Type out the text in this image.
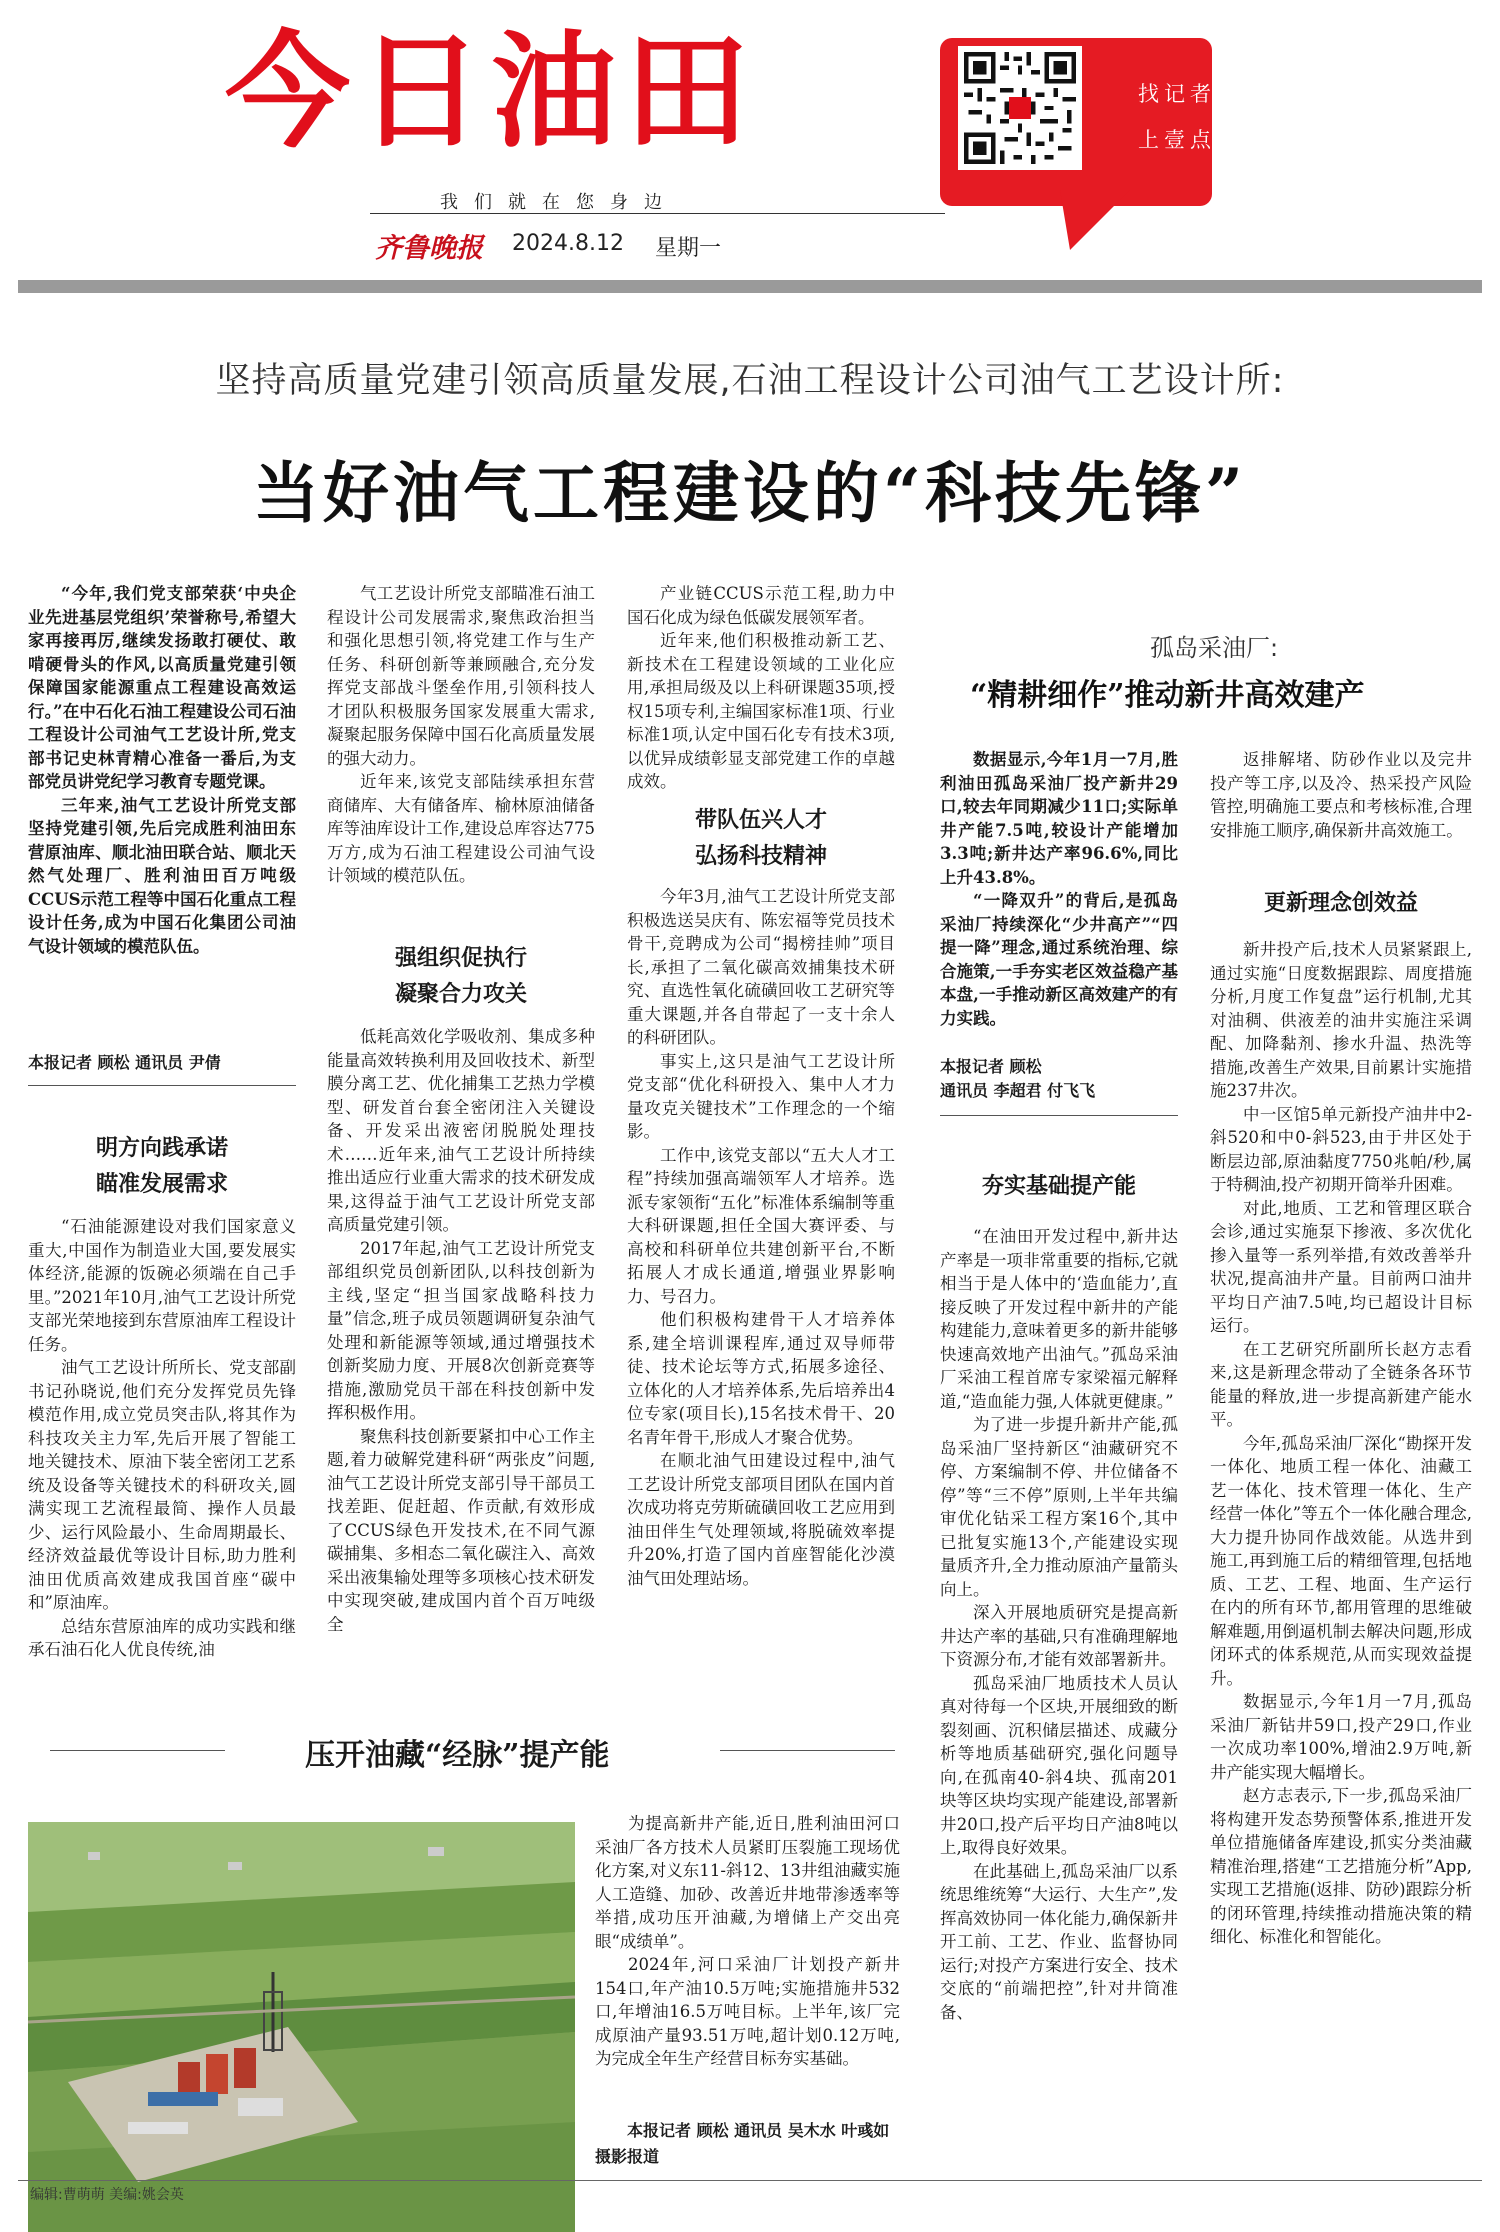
今日油田
我们就在您身边
齐鲁晚报 2024.8.12 星期一
找记者
上壹点
坚持高质量党建引领高质量发展,石油工程设计公司油气工艺设计所:
当好油气工程建设的“科技先锋”

“今年,我们党支部荣获‘中央企业先进基层党组织’荣誉称号,希望大家再接再厉,继续发扬敢打硬仗、敢啃硬骨头的作风,以高质量党建引领保障国家能源重点工程建设高效运行。”在中石化石油工程建设公司石油工程设计公司油气工艺设计所,党支部书记史林青精心准备一番后,为支部党员讲党纪学习教育专题党课。

三年来,油气工艺设计所党支部坚持党建引领,先后完成胜利油田东营原油库、顺北油田联合站、顺北天然气处理厂、胜利油田百万吨级CCUS示范工程等中国石化重点工程设计任务,成为中国石化集团公司油气设计领域的模范队伍。

本报记者 顾松 通讯员 尹倩
明方向践承诺
瞄准发展需求

“石油能源建设对我们国家意义重大,中国作为制造业大国,要发展实体经济,能源的饭碗必须端在自己手里。”2021年10月,油气工艺设计所党支部光荣地接到东营原油库工程设计任务。

油气工艺设计所所长、党支部副书记孙晓说,他们充分发挥党员先锋模范作用,成立党员突击队,将其作为科技攻关主力军,先后开展了智能工地关键技术、原油下装全密闭工艺系统及设备等关键技术的科研攻关,圆满实现工艺流程最简、操作人员最少、运行风险最小、生命周期最长、经济效益最优等设计目标,助力胜利油田优质高效建成我国首座“碳中和”原油库。

总结东营原油库的成功实践和继承石油石化人优良传统,油

气工艺设计所党支部瞄准石油工程设计公司发展需求,聚焦政治担当和强化思想引领,将党建工作与生产任务、科研创新等兼顾融合,充分发挥党支部战斗堡垒作用,引领科技人才团队积极服务国家发展重大需求,凝聚起服务保障中国石化高质量发展的强大动力。

近年来,该党支部陆续承担东营商储库、大有储备库、榆林原油储备库等油库设计工作,建设总库容达775万方,成为石油工程建设公司油气设计领域的模范队伍。

强组织促执行
凝聚合力攻关

低耗高效化学吸收剂、集成多种能量高效转换利用及回收技术、新型膜分离工艺、优化捕集工艺热力学模型、研发首台套全密闭注入关键设备、开发采出液密闭脱脱处理技术……近年来,油气工艺设计所持续推出适应行业重大需求的技术研发成果,这得益于油气工艺设计所党支部高质量党建引领。

2017年起,油气工艺设计所党支部组织党员创新团队,以科技创新为主线,坚定“担当国家战略科技力量”信念,班子成员领题调研复杂油气处理和新能源等领域,通过增强技术创新奖励力度、开展8次创新竞赛等措施,激励党员干部在科技创新中发挥积极作用。

聚焦科技创新要紧扣中心工作主题,着力破解党建科研“两张皮”问题,油气工艺设计所党支部引导干部员工找差距、促赶超、作贡献,有效形成了CCUS绿色开发技术,在不同气源碳捕集、多相态二氧化碳注入、高效采出液集输处理等多项核心技术研发中实现突破,建成国内首个百万吨级全

产业链CCUS示范工程,助力中国石化成为绿色低碳发展领军者。

近年来,他们积极推动新工艺、新技术在工程建设领域的工业化应用,承担局级及以上科研课题35项,授权15项专利,主编国家标准1项、行业标准1项,认定中国石化专有技术3项,以优异成绩彰显支部党建工作的卓越成效。

带队伍兴人才
弘扬科技精神

今年3月,油气工艺设计所党支部积极选送吴庆有、陈宏福等党员技术骨干,竞聘成为公司“揭榜挂帅”项目长,承担了二氧化碳高效捕集技术研究、直选性氧化硫磺回收工艺研究等重大课题,并各自带起了一支十余人的科研团队。

事实上,这只是油气工艺设计所党支部“优化科研投入、集中人才力量攻克关键技术”工作理念的一个缩影。

工作中,该党支部以“五大人才工程”持续加强高端领军人才培养。选派专家领衔“五化”标准体系编制等重大科研课题,担任全国大赛评委、与高校和科研单位共建创新平台,不断拓展人才成长通道,增强业界影响力、号召力。

他们积极构建骨干人才培养体系,建全培训课程库,通过双导师带徒、技术论坛等方式,拓展多途径、立体化的人才培养体系,先后培养出4位专家(项目长),15名技术骨干、20名青年骨干,形成人才聚合优势。

在顺北油气田建设过程中,油气工艺设计所党支部项目团队在国内首次成功将克劳斯硫磺回收工艺应用到油田伴生气处理领域,将脱硫效率提升20%,打造了国内首座智能化沙漠油气田处理站场。

孤岛采油厂:
“精耕细作”推动新井高效建产

数据显示,今年1月一7月,胜利油田孤岛采油厂投产新井29口,较去年同期减少11口;实际单井产能7.5吨,较设计产能增加3.3吨;新井达产率96.6%,同比上升43.8%。

“一降双升”的背后,是孤岛采油厂持续深化“少井高产”“四提一降”理念,通过系统治理、综合施策,一手夯实老区效益稳产基本盘,一手推动新区高效建产的有力实践。

本报记者 顾松
通讯员 李超君 付飞飞
夯实基础提产能

“在油田开发过程中,新井达产率是一项非常重要的指标,它就相当于是人体中的‘造血能力’,直接反映了开发过程中新井的产能构建能力,意味着更多的新井能够快速高效地产出油气。”孤岛采油厂采油工程首席专家梁福元解释道,“造血能力强,人体就更健康。”

为了进一步提升新井产能,孤岛采油厂坚持新区“油藏研究不停、方案编制不停、井位储备不停”等“三不停”原则,上半年共编审优化钻采工程方案16个,其中已批复实施13个,产能建设实现量质齐升,全力推动原油产量箭头向上。

深入开展地质研究是提高新井达产率的基础,只有准确理解地下资源分布,才能有效部署新井。

孤岛采油厂地质技术人员认真对待每一个区块,开展细致的断裂刻画、沉积储层描述、成藏分析等地质基础研究,强化问题导向,在孤南40-斜4块、孤南201块等区块均实现产能建设,部署新井20口,投产后平均日产油8吨以上,取得良好效果。

在此基础上,孤岛采油厂以系统思维统筹“大运行、大生产”,发挥高效协同一体化能力,确保新井开工前、工艺、作业、监督协同运行;对投产方案进行安全、技术交底的“前端把控”,针对井筒准备、

返排解堵、防砂作业以及完井投产等工序,以及冷、热采投产风险管控,明确施工要点和考核标准,合理安排施工顺序,确保新井高效施工。

更新理念创效益

新井投产后,技术人员紧紧跟上,通过实施“日度数据跟踪、周度措施分析,月度工作复盘”运行机制,尤其对油稠、供液差的油井实施注采调配、加降黏剂、掺水升温、热洗等措施,改善生产效果,目前累计实施措施237井次。

中一区馆5单元新投产油井中2-斜520和中0-斜523,由于井区处于断层边部,原油黏度7750兆帕/秒,属于特稠油,投产初期开筒举升困难。

对此,地质、工艺和管理区联合会诊,通过实施泵下掺液、多次优化掺入量等一系列举措,有效改善举升状况,提高油井产量。目前两口油井平均日产油7.5吨,均已超设计目标运行。

在工艺研究所副所长赵方志看来,这是新理念带动了全链条各环节能量的释放,进一步提高新建产能水平。

今年,孤岛采油厂深化“勘探开发一体化、地质工程一体化、油藏工艺一体化、技术管理一体化、生产经营一体化”等五个一体化融合理念,大力提升协同作战效能。从选井到施工,再到施工后的精细管理,包括地质、工艺、工程、地面、生产运行在内的所有环节,都用管理的思维破解难题,用倒逼机制去解决问题,形成闭环式的体系规范,从而实现效益提升。

数据显示,今年1月一7月,孤岛采油厂新钻井59口,投产29口,作业一次成功率100%,增油2.9万吨,新井产能实现大幅增长。

赵方志表示,下一步,孤岛采油厂将构建开发态势预警体系,推进开发单位措施储备库建设,抓实分类油藏精准治理,搭建“工艺措施分析”App,实现工艺措施(返排、防砂)跟踪分析的闭环管理,持续推动措施决策的精细化、标准化和智能化。

压开油藏“经脉”提产能

为提高新井产能,近日,胜利油田河口采油厂各方技术人员紧盯压裂施工现场优化方案,对义东11-斜12、13井组油藏实施人工造缝、加砂、改善近井地带渗透率等举措,成功压开油藏,为增储上产交出亮眼“成绩单”。

2024年,河口采油厂计划投产新井154口,年产油10.5万吨;实施措施井532口,年增油16.5万吨目标。上半年,该厂完成原油产量93.51万吨,超计划0.12万吨,为完成全年生产经营目标夯实基础。

本报记者 顾松 通讯员 吴木水 叶彧如 摄影报道
编辑:曹萌萌 美编:姚会英
